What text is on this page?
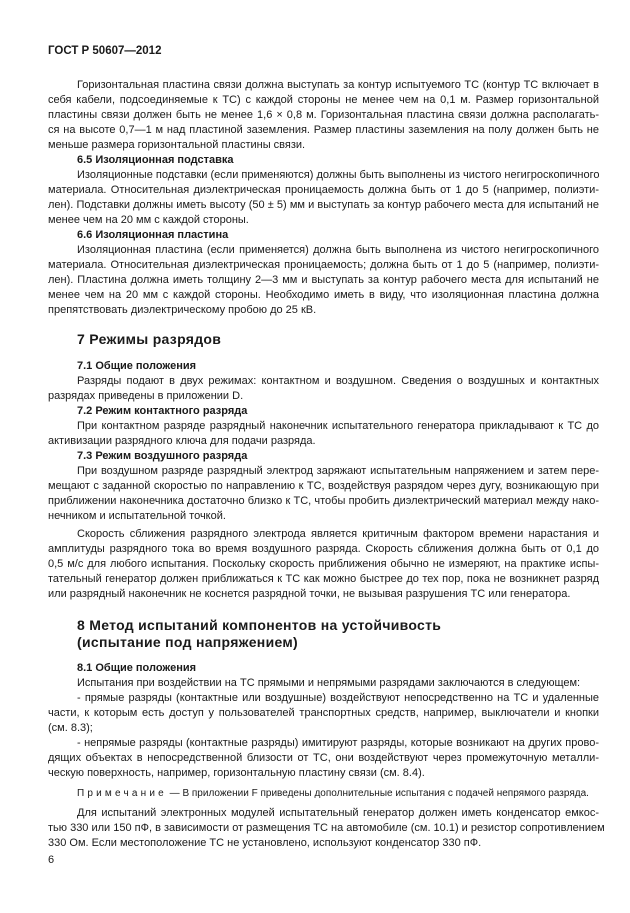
ГОСТ Р 50607—2012
Горизонтальная пластина связи должна выступать за контур испытуемого ТС (контур ТС включает в
себя кабели, подсоединяемые к ТС) с каждой стороны не менее чем на 0,1 м. Размер горизонтальной
пластины связи должен быть не менее 1,6 × 0,8 м. Горизонтальная пластина связи должна располагать-
ся на высоте 0,7—1 м над пластиной заземления. Размер пластины заземления на полу должен быть не
меньше размера горизонтальной пластины связи.
6.5 Изоляционная подставка
Изоляционные подставки (если применяются) должны быть выполнены из чистого негигроскопичного
материала. Относительная диэлектрическая проницаемость должна быть от 1 до 5 (например, полиэти-
лен). Подставки должны иметь высоту (50 ± 5) мм и выступать за контур рабочего места для испытаний не
менее чем на 20 мм с каждой стороны.
6.6 Изоляционная пластина
Изоляционная пластина (если применяется) должна быть выполнена из чистого негигроскопичного
материала. Относительная диэлектрическая проницаемость; должна быть от 1 до 5 (например, полиэти-
лен). Пластина должна иметь толщину 2—3 мм и выступать за контур рабочего места для испытаний не
менее чем на 20 мм с каждой стороны. Необходимо иметь в виду, что изоляционная пластина должна
препятствовать диэлектрическому пробою до 25 кВ.
7 Режимы разрядов
7.1 Общие положения
Разряды подают в двух режимах: контактном и воздушном. Сведения о воздушных и контактных
разрядах приведены в приложении D.
7.2 Режим контактного разряда
При контактном разряде разрядный наконечник испытательного генератора прикладывают к ТС до
активизации разрядного ключа для подачи разряда.
7.3 Режим воздушного разряда
При воздушном разряде разрядный электрод заряжают испытательным напряжением и затем пере-
мещают с заданной скоростью по направлению к ТС, воздействуя разрядом через дугу, возникающую при
приближении наконечника достаточно близко к ТС, чтобы пробить диэлектрический материал между нако-
нечником и испытательной точкой.
Скорость сближения разрядного электрода является критичным фактором времени нарастания и
амплитуды разрядного тока во время воздушного разряда. Скорость сближения должна быть от 0,1 до
0,5 м/с для любого испытания. Поскольку скорость приближения обычно не измеряют, на практике испы-
тательный генератор должен приближаться к ТС как можно быстрее до тех пор, пока не возникнет разряд
или разрядный наконечник не коснется разрядной точки, не вызывая разрушения ТС или генератора.
8 Метод испытаний компонентов на устойчивость
(испытание под напряжением)
8.1 Общие положения
Испытания при воздействии на ТС прямыми и непрямыми разрядами заключаются в следующем:
- прямые разряды (контактные или воздушные) воздействуют непосредственно на ТС и удаленные
части, к которым есть доступ у пользователей транспортных средств, например, выключатели и кнопки
(см. 8.3);
- непрямые разряды (контактные разряды) имитируют разряды, которые возникают на других прово-
дящих объектах в непосредственной близости от ТС, они воздействуют через промежуточную металли-
ческую поверхность, например, горизонтальную пластину связи (см. 8.4).
Примечание — В приложении F приведены дополнительные испытания с подачей непрямого разряда.
Для испытаний электронных модулей испытательный генератор должен иметь конденсатор емкос-
тью 330 или 150 пФ, в зависимости от размещения ТС на автомобиле (см. 10.1) и резистор сопротивлением
330 Ом. Если местоположение ТС не установлено, используют конденсатор 330 пФ.
6
